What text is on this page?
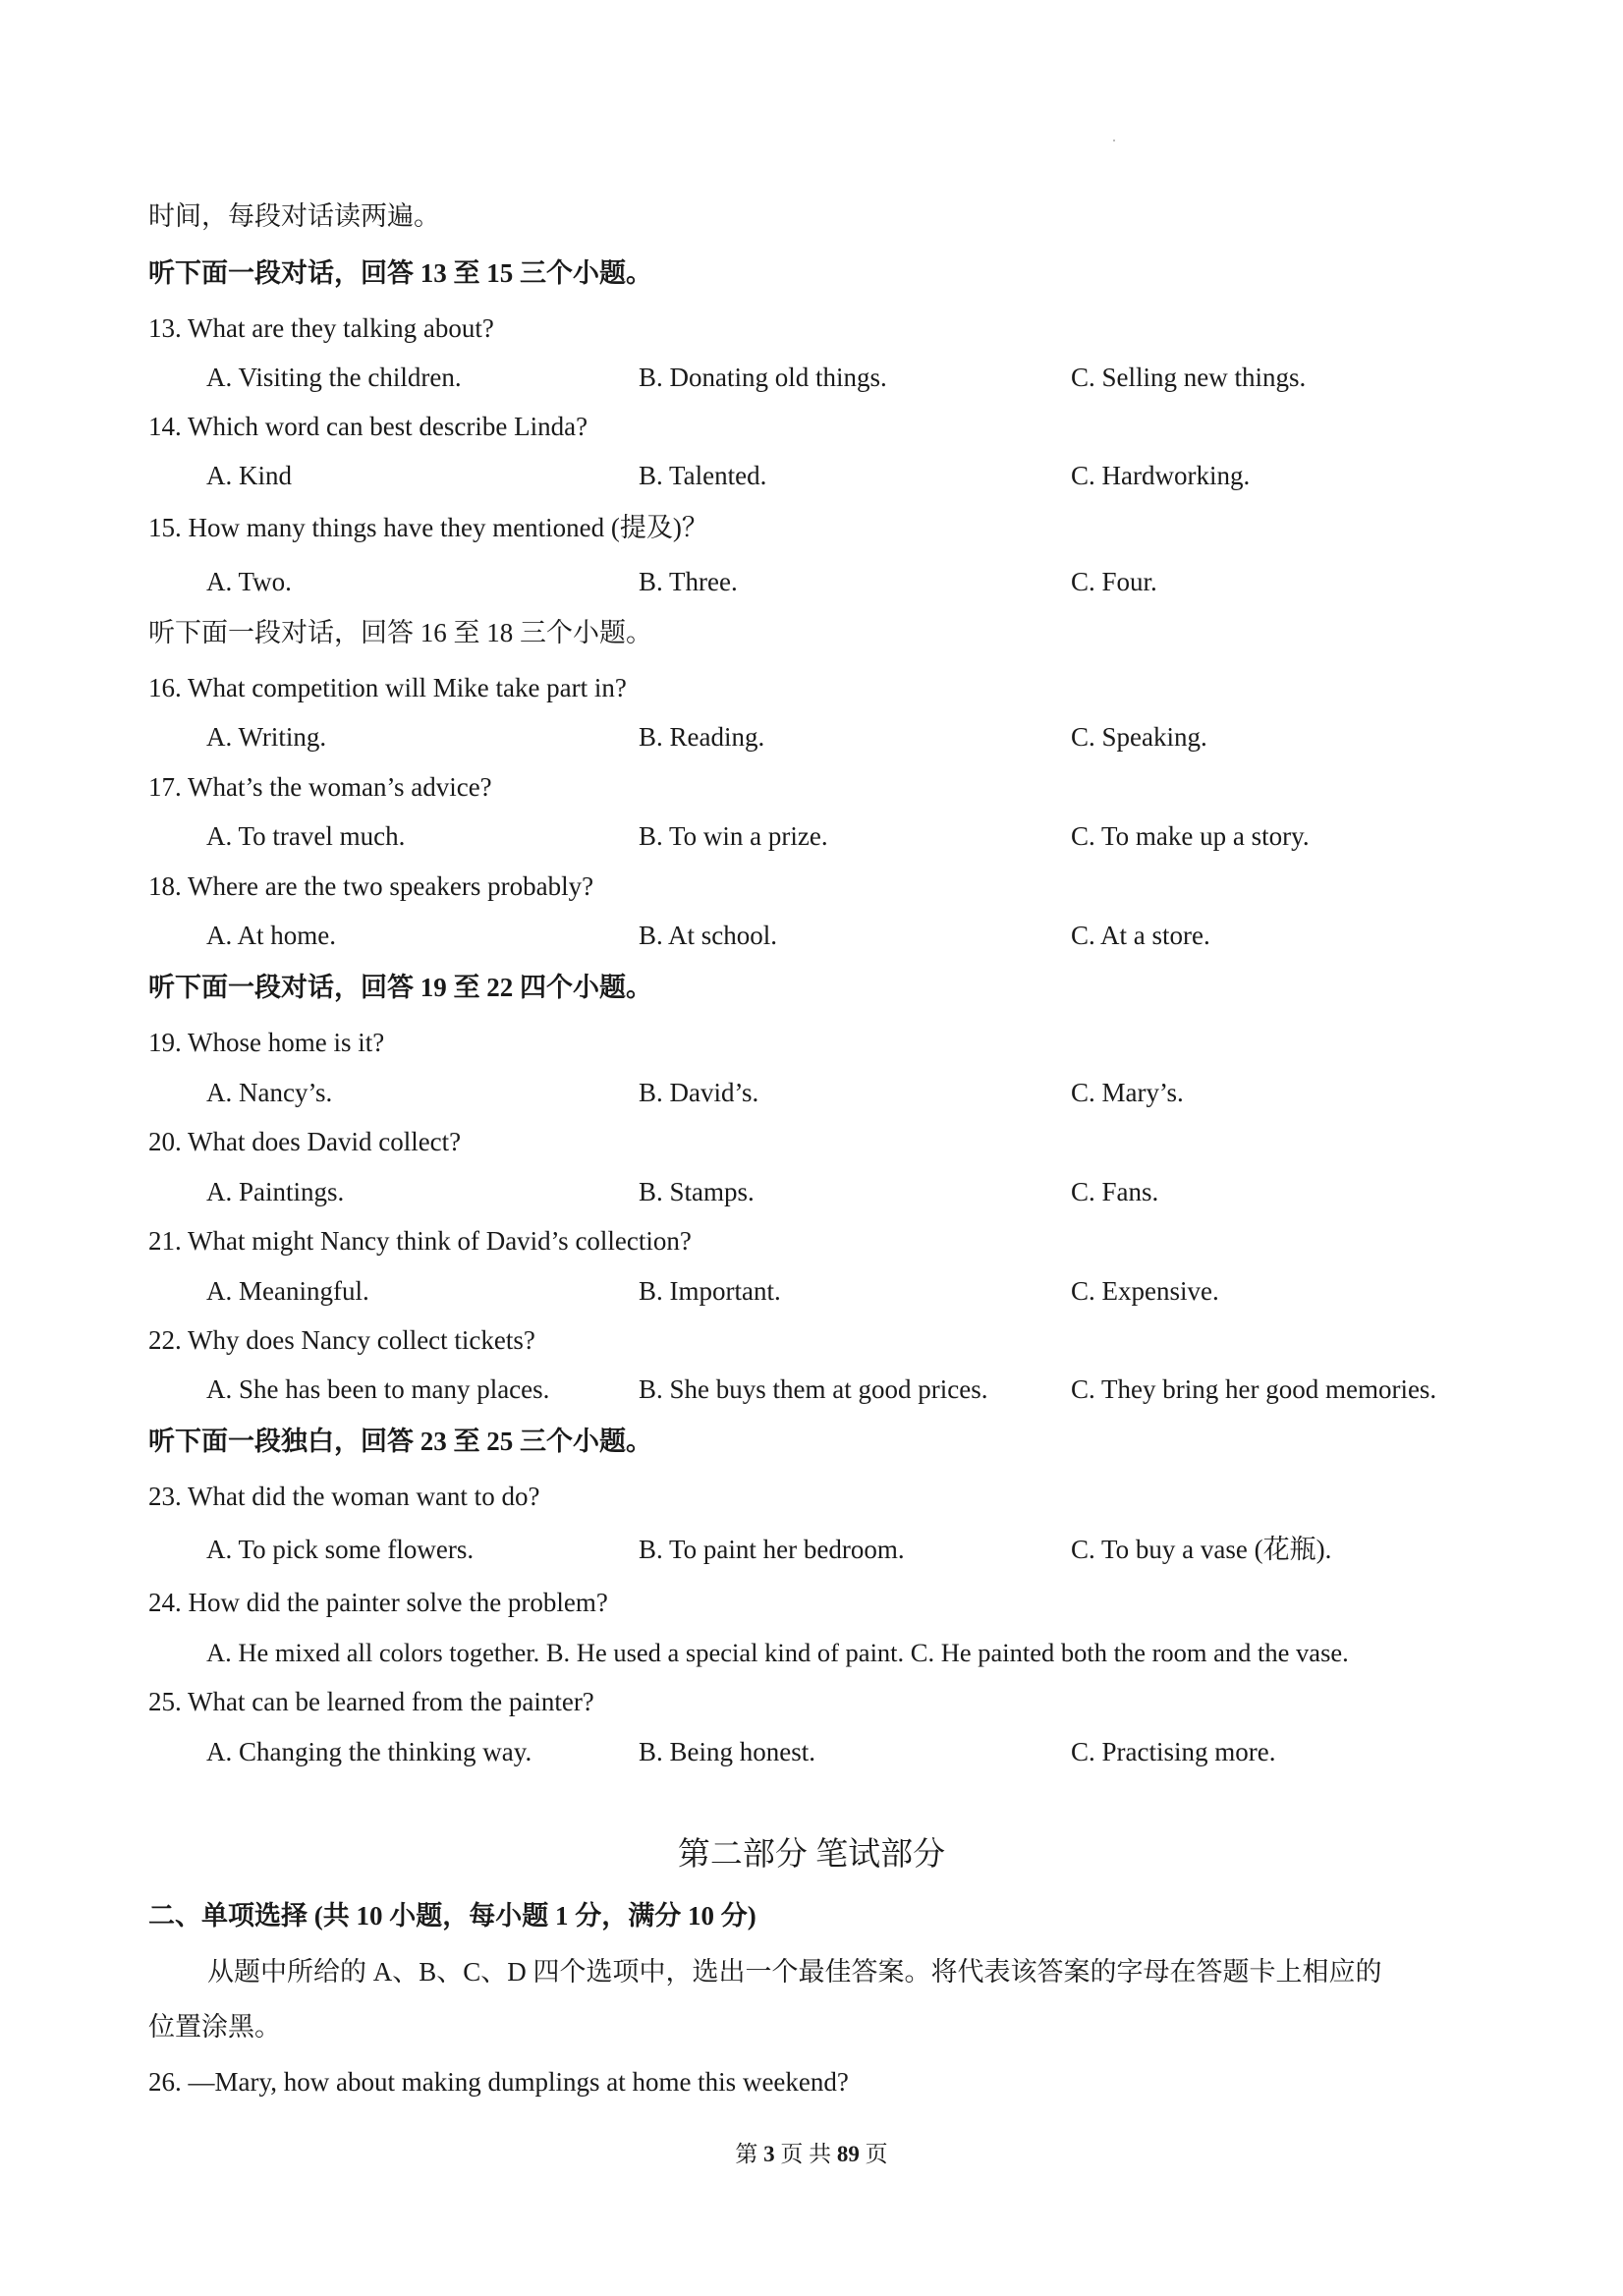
时间，每段对话读两遍。
听下面一段对话，回答 13 至 15 三个小题。
13. What are they talking about?
A. Visiting the children.	B. Donating old things.	C. Selling new things.
14. Which word can best describe Linda?
A. Kind	B. Talented.	C. Hardworking.
15. How many things have they mentioned (提及)？
A. Two.	B. Three.	C. Four.
听下面一段对话，回答 16 至 18 三个小题。
16. What competition will Mike take part in?
A. Writing.	B. Reading.	C. Speaking.
17. What’s the woman’s advice?
A. To travel much.	B. To win a prize.	C. To make up a story.
18. Where are the two speakers probably?
A. At home.	B. At school.	C. At a store.
听下面一段对话，回答 19 至 22 四个小题。
19. Whose home is it?
A. Nancy’s.	B. David’s.	C. Mary’s.
20. What does David collect?
A. Paintings.	B. Stamps.	C. Fans.
21. What might Nancy think of David’s collection?
A. Meaningful.	B. Important.	C. Expensive.
22. Why does Nancy collect tickets?
A. She has been to many places.	B. She buys them at good prices.	C. They bring her good memories.
听下面一段独白，回答 23 至 25 三个小题。
23. What did the woman want to do?
A. To pick some flowers.	B. To paint her bedroom.	C. To buy a vase (花瓶).
24. How did the painter solve the problem?
A. He mixed all colors together. B. He used a special kind of paint. C. He painted both the room and the vase.
25. What can be learned from the painter?
A. Changing the thinking way.	B. Being honest.	C. Practising more.
第二部分 笔试部分
二、单项选择 (共 10 小题，每小题 1 分，满分 10 分)
从题中所给的 A、B、C、D 四个选项中，选出一个最佳答案。将代表该答案的字母在答题卡上相应的
位置涂黑。
26. —Mary, how about making dumplings at home this weekend?
第 3 页 共 89 页
